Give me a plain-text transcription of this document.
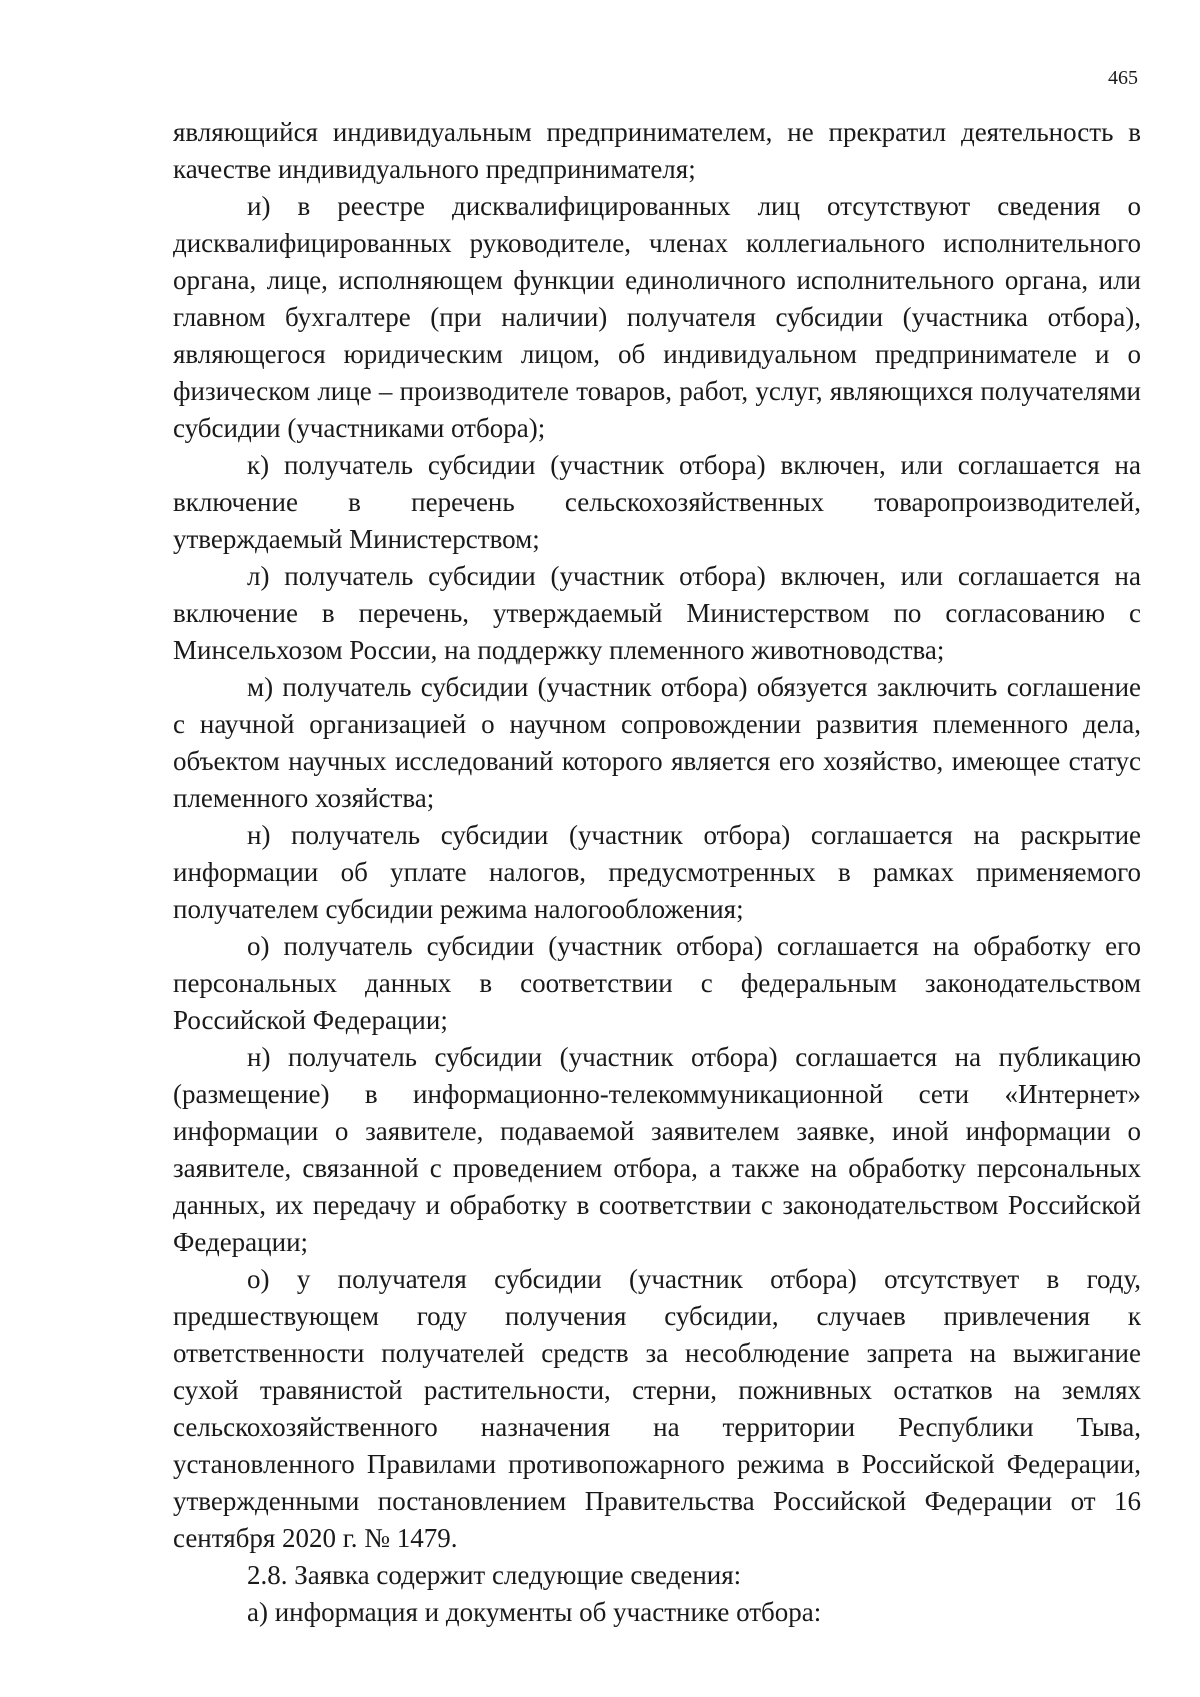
465

являющийся индивидуальным предпринимателем, не прекратил деятельность в качестве индивидуального предпринимателя;

и) в реестре дисквалифицированных лиц отсутствуют сведения о дисквалифицированных руководителе, членах коллегиального исполнительного органа, лице, исполняющем функции единоличного исполнительного органа, или главном бухгалтере (при наличии) получателя субсидии (участника отбора), являющегося юридическим лицом, об индивидуальном предпринимателе и о физическом лице – производителе товаров, работ, услуг, являющихся получателями субсидии (участниками отбора);

к) получатель субсидии (участник отбора) включен, или соглашается на включение в перечень сельскохозяйственных товаропроизводителей, утверждаемый Министерством;

л) получатель субсидии (участник отбора) включен, или соглашается на включение в перечень, утверждаемый Министерством по согласованию с Минсельхозом России, на поддержку племенного животноводства;

м) получатель субсидии (участник отбора) обязуется заключить соглашение с научной организацией о научном сопровождении развития племенного дела, объектом научных исследований которого является его хозяйство, имеющее статус племенного хозяйства;

н) получатель субсидии (участник отбора) соглашается на раскрытие информации об уплате налогов, предусмотренных в рамках применяемого получателем субсидии режима налогообложения;

о) получатель субсидии (участник отбора) соглашается на обработку его персональных данных в соответствии с федеральным законодательством Российской Федерации;

н) получатель субсидии (участник отбора) соглашается на публикацию (размещение) в информационно-телекоммуникационной сети «Интернет» информации о заявителе, подаваемой заявителем заявке, иной информации о заявителе, связанной с проведением отбора, а также на обработку персональных данных, их передачу и обработку в соответствии с законодательством Российской Федерации;

о) у получателя субсидии (участник отбора) отсутствует в году, предшествующем году получения субсидии, случаев привлечения к ответственности получателей средств за несоблюдение запрета на выжигание сухой травянистой растительности, стерни, пожнивных остатков на землях сельскохозяйственного назначения на территории Республики Тыва, установленного Правилами противопожарного режима в Российской Федерации, утвержденными постановлением Правительства Российской Федерации от 16 сентября 2020 г. № 1479.

2.8. Заявка содержит следующие сведения:

а) информация и документы об участнике отбора:
